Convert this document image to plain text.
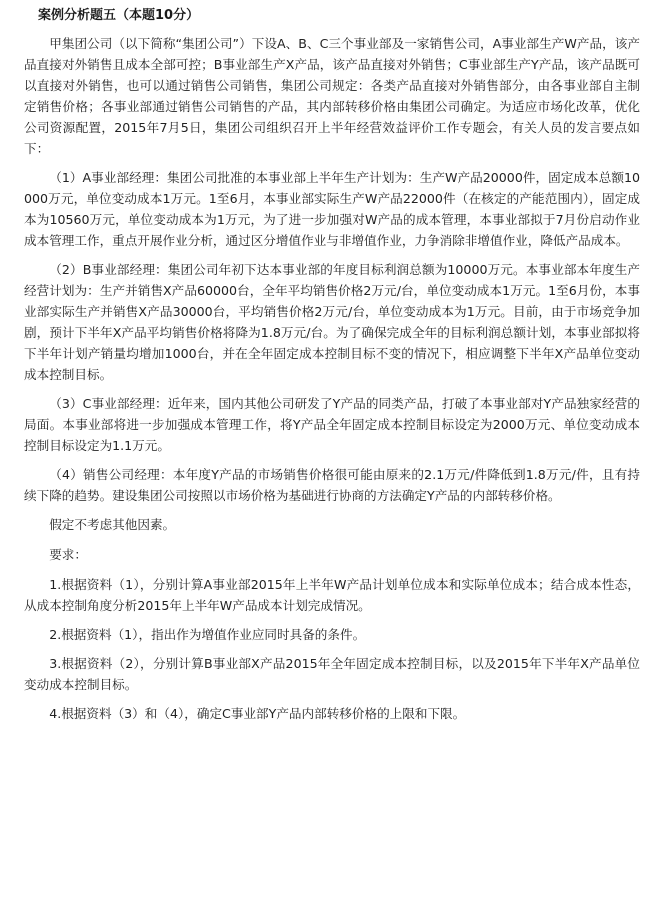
案例分析题五（本题10分）

甲集团公司（以下简称“集团公司”）下设A、B、C三个事业部及一家销售公司，A事业部生产W产品，该产品直接对外销售且成本全部可控；B事业部生产X产品，该产品直接对外销售；C事业部生产Y产品，该产品既可以直接对外销售，也可以通过销售公司销售，集团公司规定：各类产品直接对外销售部分，由各事业部自主制定销售价格；各事业部通过销售公司销售的产品，其内部转移价格由集团公司确定。为适应市场化改革，优化公司资源配置，2015年7月5日，集团公司组织召开上半年经营效益评价工作专题会，有关人员的发言要点如下：

（1）A事业部经理：集团公司批准的本事业部上半年生产计划为：生产W产品20000件，固定成本总额10000万元，单位变动成本1万元。1至6月，本事业部实际生产W产品22000件（在核定的产能范围内），固定成本为10560万元，单位变动成本为1万元，为了进一步加强对W产品的成本管理，本事业部拟于7月份启动作业成本管理工作，重点开展作业分析，通过区分增值作业与非增值作业，力争消除非增值作业，降低产品成本。

（2）B事业部经理：集团公司年初下达本事业部的年度目标利润总额为10000万元。本事业部本年度生产经营计划为：生产并销售X产品60000台，全年平均销售价格2万元/台，单位变动成本1万元。1至6月份，本事业部实际生产并销售X产品30000台，平均销售价格2万元/台，单位变动成本为1万元。目前，由于市场竞争加剧，预计下半年X产品平均销售价格将降为1.8万元/台。为了确保完成全年的目标利润总额计划，本事业部拟将下半年计划产销量均增加1000台，并在全年固定成本控制目标不变的情况下，相应调整下半年X产品单位变动成本控制目标。

（3）C事业部经理：近年来，国内其他公司研发了Y产品的同类产品，打破了本事业部对Y产品独家经营的局面。本事业部将进一步加强成本管理工作，将Y产品全年固定成本控制目标设定为2000万元、单位变动成本控制目标设定为1.1万元。

（4）销售公司经理：本年度Y产品的市场销售价格很可能由原来的2.1万元/件降低到1.8万元/件，且有持续下降的趋势。建设集团公司按照以市场价格为基础进行协商的方法确定Y产品的内部转移价格。

假定不考虑其他因素。

要求：

1.根据资料（1），分别计算A事业部2015年上半年W产品计划单位成本和实际单位成本；结合成本性态，从成本控制角度分析2015年上半年W产品成本计划完成情况。

2.根据资料（1），指出作为增值作业应同时具备的条件。

3.根据资料（2），分别计算B事业部X产品2015年全年固定成本控制目标，以及2015年下半年X产品单位变动成本控制目标。

4.根据资料（3）和（4），确定C事业部Y产品内部转移价格的上限和下限。
